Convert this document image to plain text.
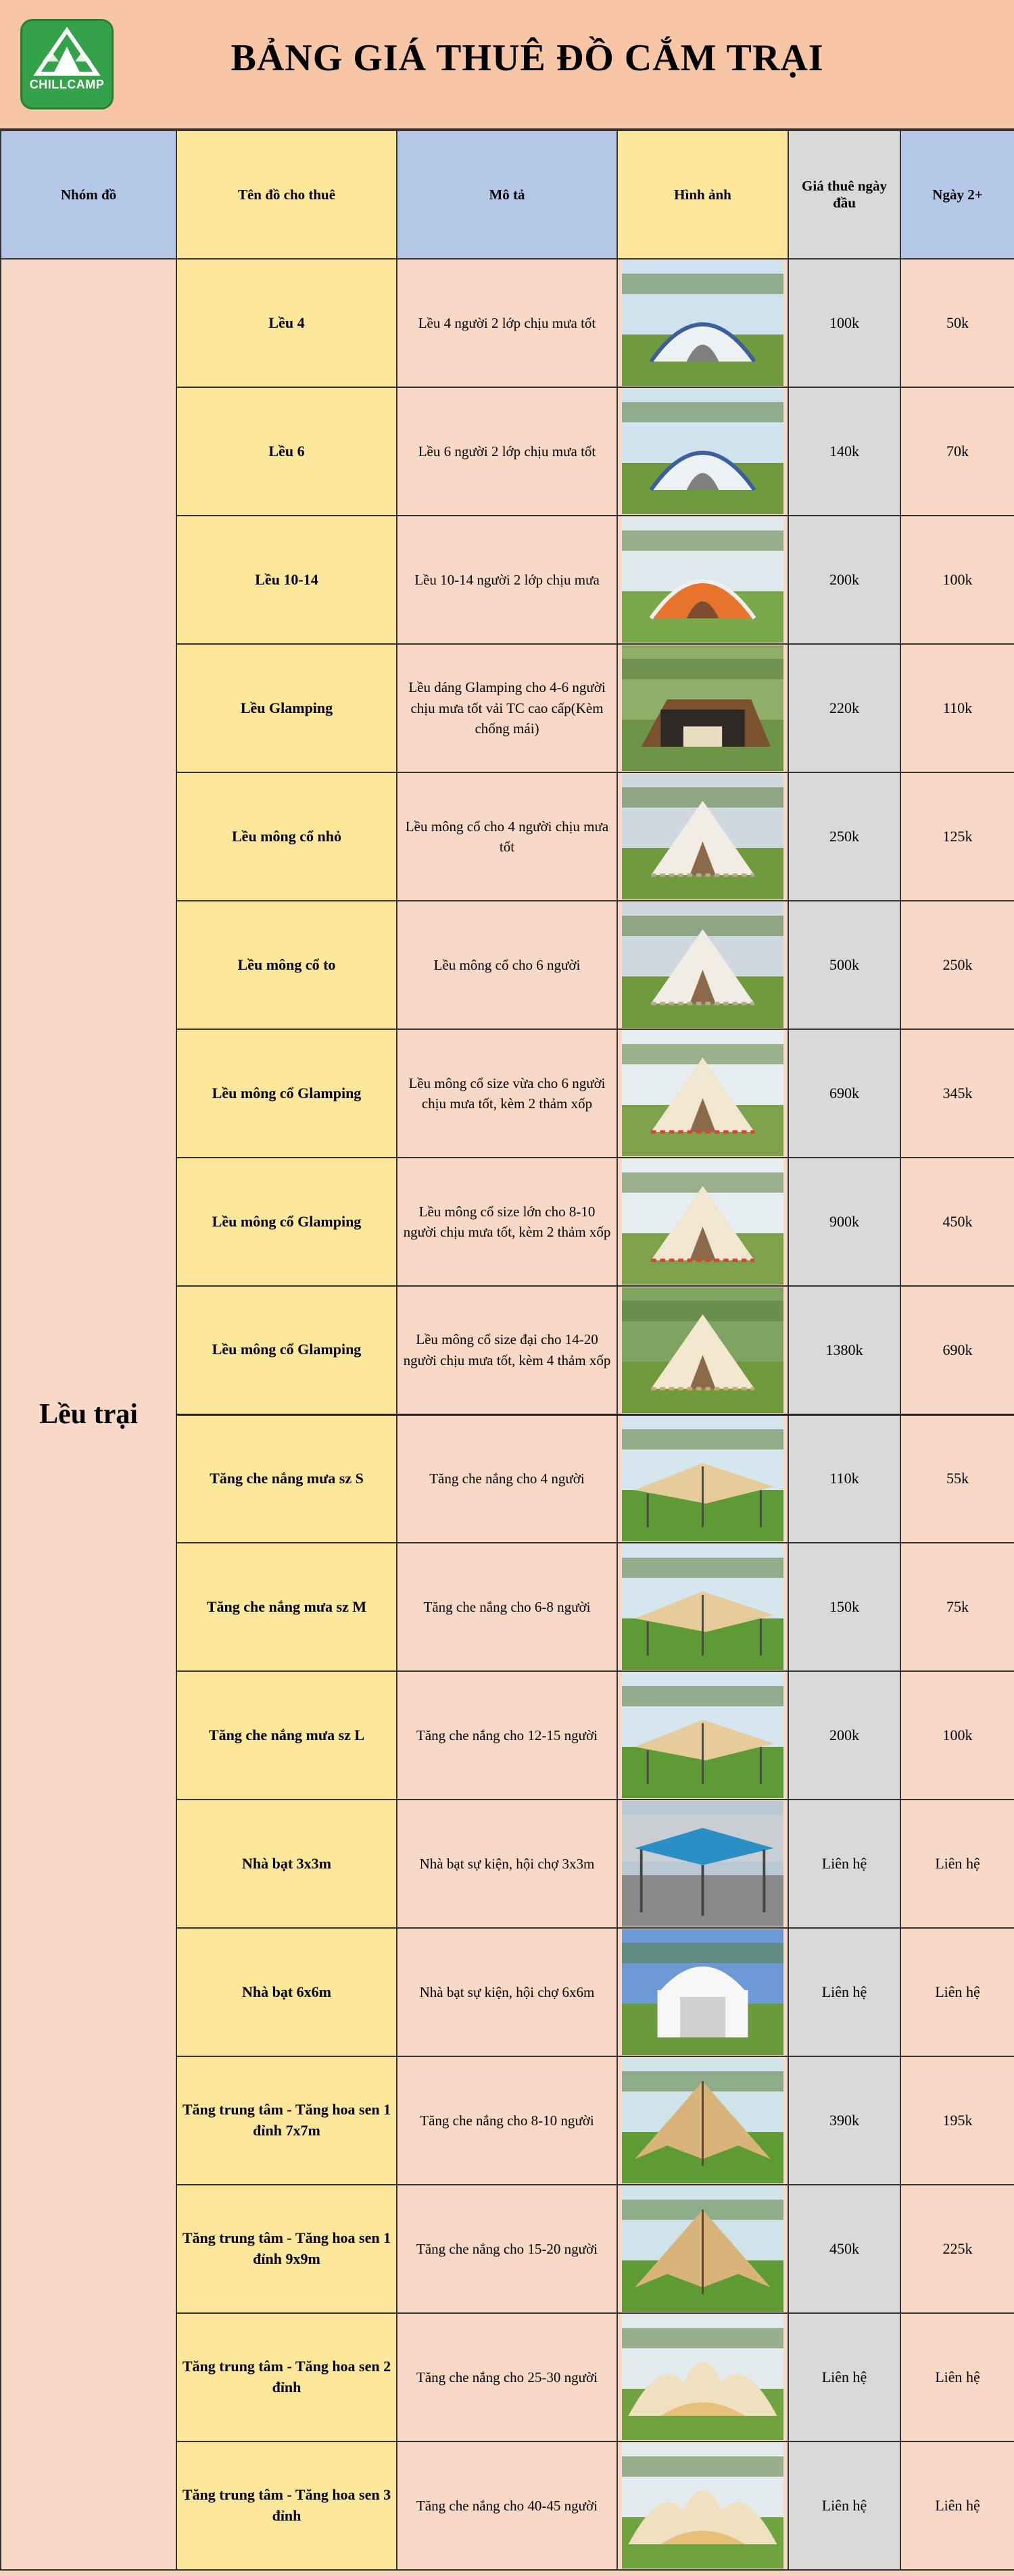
CHILLCAMP
BẢNG GIÁ THUÊ ĐỒ CẮM TRẠI
Nhóm đồ	Tên đồ cho thuê	Mô tả	Hình ảnh	Giá thuê ngày đầu	Ngày 2+
Lều trại	Lều 4	Lều 4 người 2 lớp chịu mưa tốt		100k	50k
	Lều 6	Lều 6 người 2 lớp chịu mưa tốt		140k	70k
	Lều 10-14	Lều 10-14 người 2 lớp chịu mưa		200k	100k
	Lều Glamping	Lều dáng Glamping cho 4-6 người chịu mưa tốt vải TC cao cấp(Kèm chống mái)		220k	110k
	Lều mông cổ nhỏ	Lều mông cổ cho 4 người chịu mưa tốt		250k	125k
	Lều mông cổ to	Lều mông cổ cho 6 người		500k	250k
	Lều mông cổ Glamping	Lều mông cổ size vừa cho 6 người chịu mưa tốt, kèm 2 thảm xốp		690k	345k
	Lều mông cổ Glamping	Lều mông cổ size lớn cho 8-10 người chịu mưa tốt, kèm 2 thảm xốp		900k	450k
	Lều mông cổ Glamping	Lều mông cổ size đại cho 14-20 người chịu mưa tốt, kèm 4 thảm xốp		1380k	690k
	Tăng che nắng mưa sz S	Tăng che nắng cho 4 người		110k	55k
	Tăng che nắng mưa sz M	Tăng che nắng cho 6-8 người		150k	75k
	Tăng che nắng mưa sz L	Tăng che nắng cho 12-15 người		200k	100k
	Nhà bạt 3x3m	Nhà bạt sự kiện, hội chợ 3x3m		Liên hệ	Liên hệ
	Nhà bạt 6x6m	Nhà bạt sự kiện, hội chợ 6x6m		Liên hệ	Liên hệ
	Tăng trung tâm - Tăng hoa sen 1 đỉnh 7x7m	Tăng che nắng cho 8-10 người		390k	195k
	Tăng trung tâm - Tăng hoa sen 1 đỉnh 9x9m	Tăng che nắng cho 15-20 người		450k	225k
	Tăng trung tâm - Tăng hoa sen 2 đỉnh	Tăng che nắng cho 25-30 người		Liên hệ	Liên hệ
	Tăng trung tâm - Tăng hoa sen 3 đỉnh	Tăng che nắng cho 40-45 người		Liên hệ	Liên hệ
